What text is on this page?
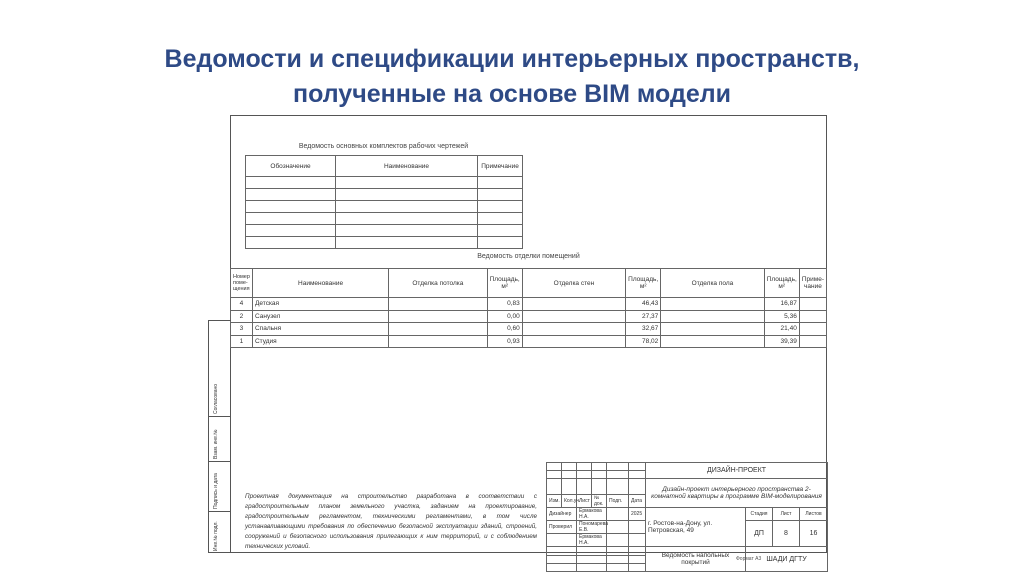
Ведомости и спецификации интерьерных пространств,
полученные на основе BIM модели
Ведомость основных комплектов рабочих чертежей
Обозначение	Наименование	Примечание

Ведомость отделки помещений
Номер поме-щения	Наименование	Отделка потолка	Площадь, м²	Отделка стен	Площадь, м²	Отделка пола	Площадь, м²	Приме-чание
4	Детская		0,83		46,43		16,87	
2	Санузел		0,00		27,37		5,36	
3	Спальня		0,60		32,67		21,40	
1	Студия		0,93		78,02		39,39	
Согласовано
Взам. инв.№
Подпись и дата
Инв.№ подл.
Проектная документация на строительство разработана в соответствии с градостроительным планом земельного участка, заданием на проектирование, градостроительным регламентом, техническими регламентами, в том числе устанавливающими требования по обеспечению безопасной эксплуатации зданий, строений, сооружений и безопасного использования прилегающих к ним территорий, и с соблюдением технических условий.
						ДИЗАЙН-ПРОЕКТ			

						Дизайн-проект интерьерного пространства 2-комнатной квартиры в программе BIM-моделирования			
Изм.	Кол.уч.	Лист	№ док.	Подп.	Дата				
Дизайнер		Ермакова Н.А.			2025	г. Ростов-на-Дону, ул. Петровская, 49	Стадия	Лист	Листов
Проверил		Пономарева Е.В.					ДП	8	16
		Ермакова Н.А.							
						Ведомость напольных покрытий	ШАДИ ДГТУ		

Формат А3
